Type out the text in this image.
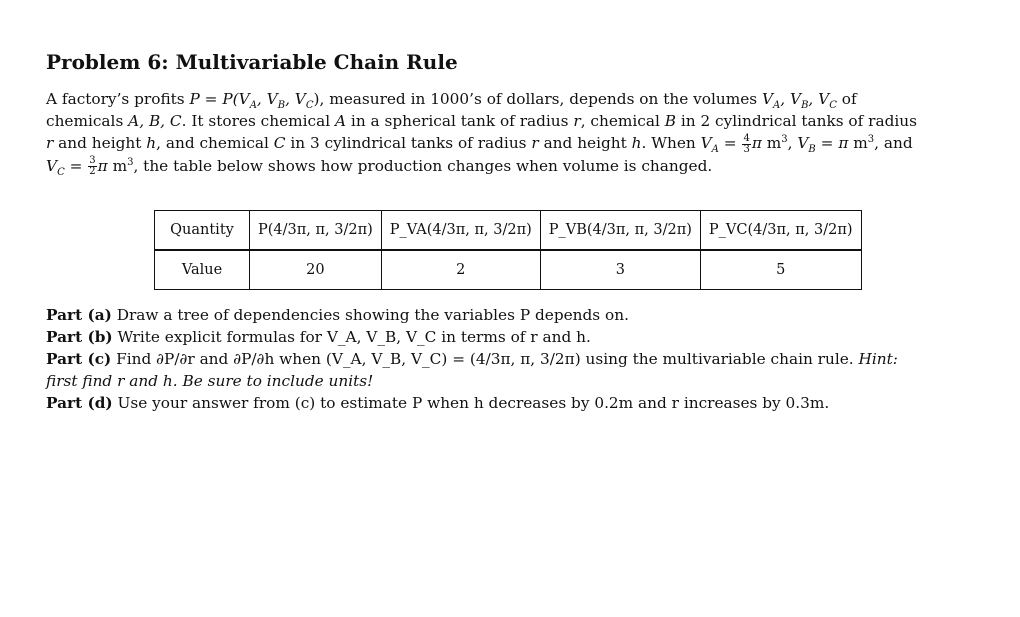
Problem 6: Multivariable Chain Rule

A factory’s profits $P = P(V_A$, $V_B$, $V_C$), measured in 1000’s of dollars, depends on the volumes $V_A$, $V_B$, $V_C$ of chemicals A, B, C. It stores chemical A in a spherical tank of radius r, chemical B in 2 cylindrical tanks of radius r and height h, and chemical C in 3 cylindrical tanks of radius r and height h. When $V_A = \frac{4}{3}$ π $m^3$, $V_B = \pi$ $m^3$, and $V_C = \frac{3}{2}$ π $m^3$, the table below shows how production changes when volume is changed.

Quantity	P(4/3π, π, 3/2π)	P_VA(4/3π, π, 3/2π)	P_VB(4/3π, π, 3/2π)	P_VC(4/3π, π, 3/2π)
Value	20	2	3	5

Part (a) Draw a tree of dependencies showing the variables P depends on.

Part (b) Write explicit formulas for V_A, V_B, V_C in terms of r and h.

Part (c) Find ∂P/∂r and ∂P/∂h when (V_A, V_B, V_C) = (4/3π, π, 3/2π) using the multivariable chain rule. Hint: first find r and h. Be sure to include units!

Part (d) Use your answer from (c) to estimate P when h decreases by 0.2m and r increases by 0.3m.
